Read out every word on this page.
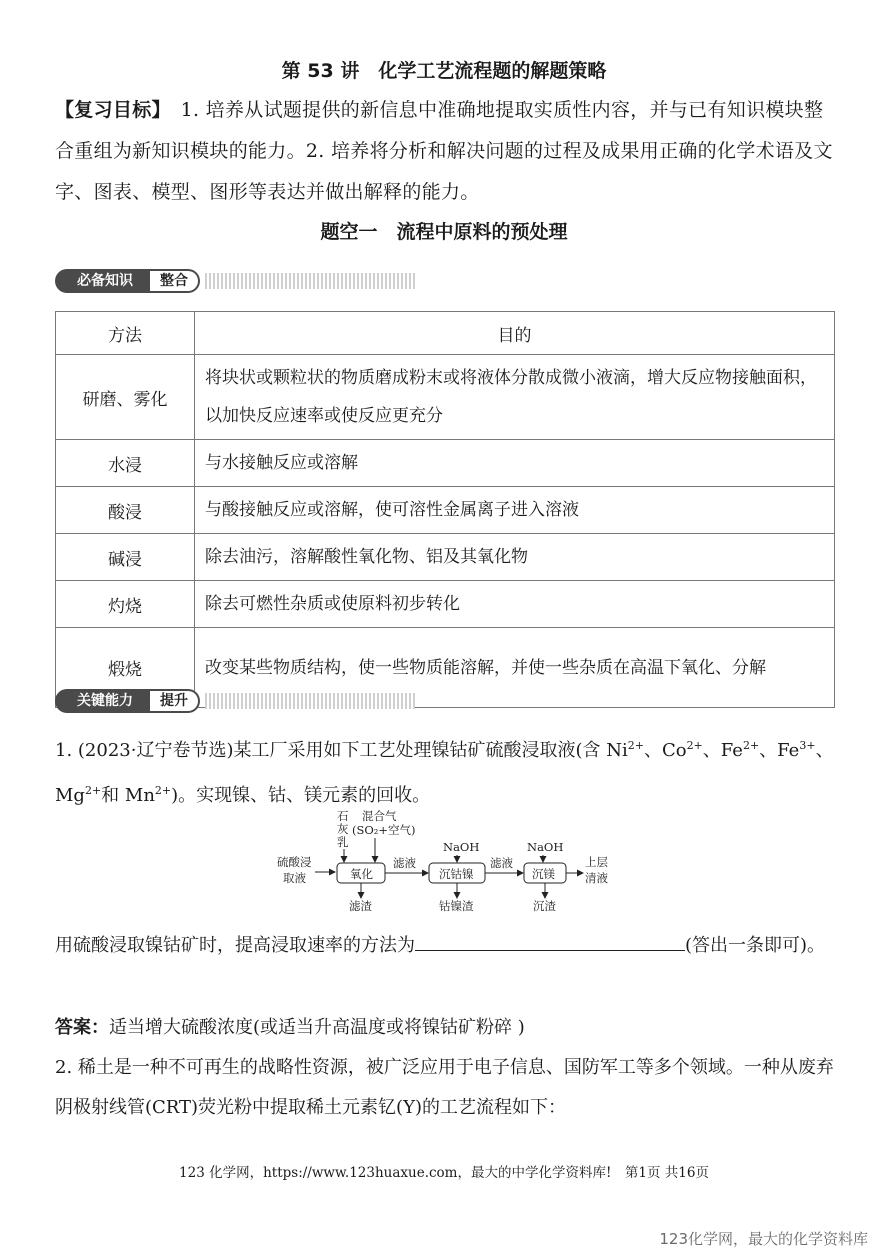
第 53 讲　化学工艺流程题的解题策略
【复习目标】　1. 培养从试题提供的新信息中准确地提取实质性内容，并与已有知识模块整合重组为新知识模块的能力。2. 培养将分析和解决问题的过程及成果用正确的化学术语及文字、图表、模型、图形等表达并做出解释的能力。
题空一　流程中原料的预处理
必备知识	整合
方法	目的
研磨、雾化	将块状或颗粒状的物质磨成粉末或将液体分散成微小液滴，增大反应物接触面积，以加快反应速率或使反应更充分
水浸	与水接触反应或溶解
酸浸	与酸接触反应或溶解，使可溶性金属离子进入溶液
碱浸	除去油污，溶解酸性氧化物、铝及其氧化物
灼烧	除去可燃性杂质或使原料初步转化
煅烧	改变某些物质结构，使一些物质能溶解，并使一些杂质在高温下氧化、分解
关键能力	提升
1. (2023·辽宁卷节选)某工厂采用如下工艺处理镍钴矿硫酸浸取液(含 $Ni^{2+}$、$Co^{2+}$、$Fe^{2+}$、$Fe^{3+}$、$Mg^{2+}$和 $Mn^{2+}$)。实现镍、钴、镁元素的回收。
硫酸浸
取液
石
灰
乳
混合气
(SO₂+空气)
氧化
滤渣
滤液
NaOH
沉钴镍
钴镍渣
滤液
NaOH
沉镁
沉渣
上层
清液
用硫酸浸取镍钴矿时，提高浸取速率的方法为	(答出一条即可)。
答案：适当增大硫酸浓度(或适当升高温度或将镍钴矿粉碎 )
2. 稀土是一种不可再生的战略性资源，被广泛应用于电子信息、国防军工等多个领域。一种从废弃阴极射线管(CRT)荧光粉中提取稀土元素钇(Y)的工艺流程如下：
123 化学网，https://www.123huaxue.com，最大的中学化学资料库!　第1页 共16页
123化学网，最大的化学资料库
